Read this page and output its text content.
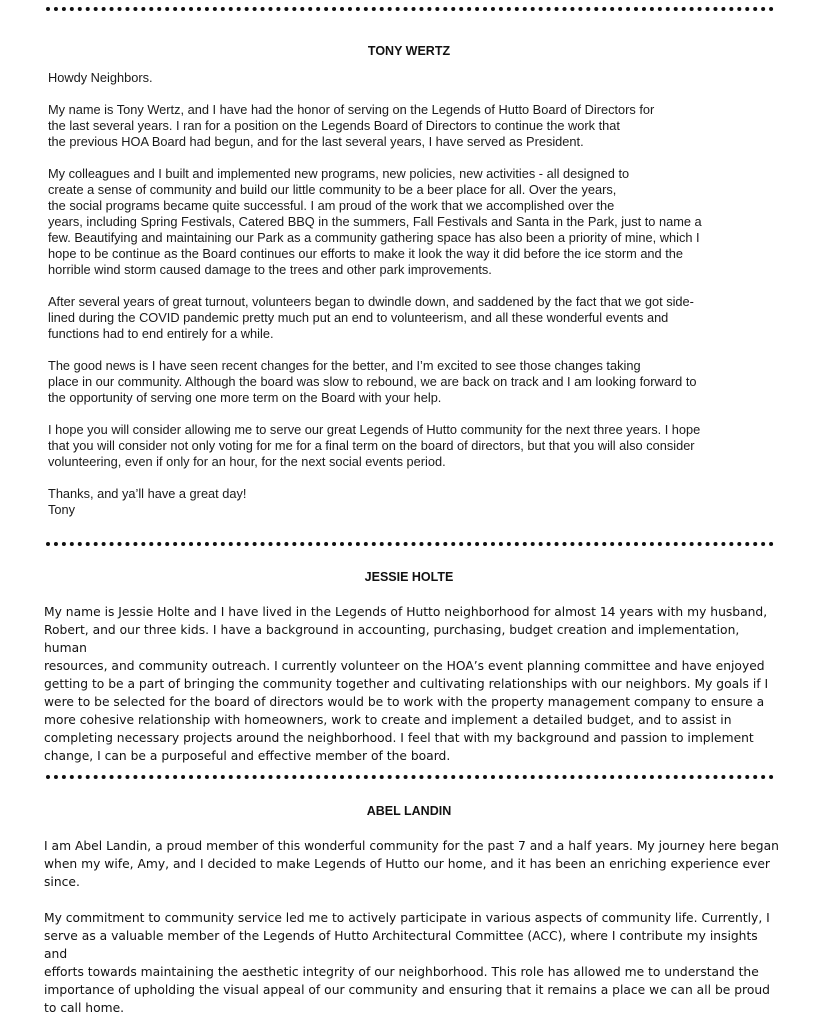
TONY WERTZ

Howdy Neighbors.

My name is Tony Wertz, and I have had the honor of serving on the Legends of Hutto Board of Directors for
the last several years. I ran for a position on the Legends Board of Directors to continue the work that
the previous HOA Board had begun, and for the last several years, I have served as President.

My colleagues and I built and implemented new programs, new policies, new activities - all designed to
create a sense of community and build our little community to be a beer place for all. Over the years,
the social programs became quite successful. I am proud of the work that we accomplished over the
years, including Spring Festivals, Catered BBQ in the summers, Fall Festivals and Santa in the Park, just to name a
few. Beautifying and maintaining our Park as a community gathering space has also been a priority of mine, which I
hope to be continue as the Board continues our efforts to make it look the way it did before the ice storm and the
horrible wind storm caused damage to the trees and other park improvements.

After several years of great turnout, volunteers began to dwindle down, and saddened by the fact that we got side-
lined during the COVID pandemic pretty much put an end to volunteerism, and all these wonderful events and
functions had to end entirely for a while.

The good news is I have seen recent changes for the better, and I’m excited to see those changes taking
place in our community. Although the board was slow to rebound, we are back on track and I am looking forward to
the opportunity of serving one more term on the Board with your help.

I hope you will consider allowing me to serve our great Legends of Hutto community for the next three years. I hope
that you will consider not only voting for me for a final term on the board of directors, but that you will also consider
volunteering, even if only for an hour, for the next social events period.

Thanks, and ya’ll have a great day!
Tony

JESSIE HOLTE

My name is Jessie Holte and I have lived in the Legends of Hutto neighborhood for almost 14 years with my husband,
Robert, and our three kids. I have a background in accounting, purchasing, budget creation and implementation, human
resources, and community outreach. I currently volunteer on the HOA’s event planning committee and have enjoyed
getting to be a part of bringing the community together and cultivating relationships with our neighbors. My goals if I
were to be selected for the board of directors would be to work with the property management company to ensure a
more cohesive relationship with homeowners, work to create and implement a detailed budget, and to assist in
completing necessary projects around the neighborhood. I feel that with my background and passion to implement
change, I can be a purposeful and effective member of the board.

ABEL LANDIN

I am Abel Landin, a proud member of this wonderful community for the past 7 and a half years. My journey here began
when my wife, Amy, and I decided to make Legends of Hutto our home, and it has been an enriching experience ever
since.

My commitment to community service led me to actively participate in various aspects of community life. Currently, I
serve as a valuable member of the Legends of Hutto Architectural Committee (ACC), where I contribute my insights and
efforts towards maintaining the aesthetic integrity of our neighborhood. This role has allowed me to understand the
importance of upholding the visual appeal of our community and ensuring that it remains a place we can all be proud
to call home.
